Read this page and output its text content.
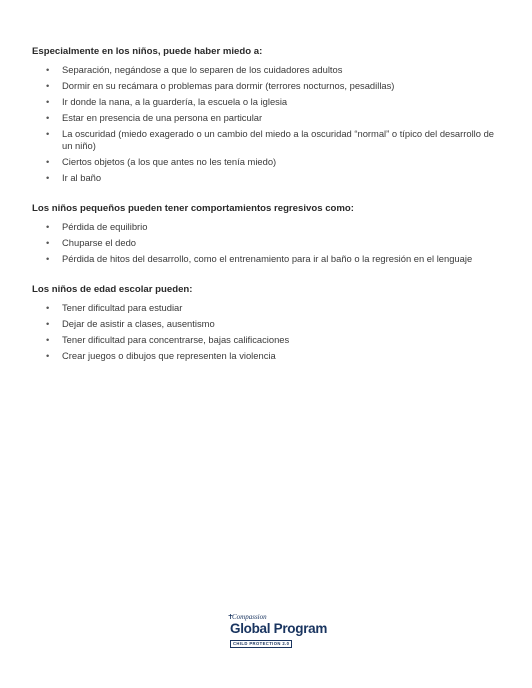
Especialmente en los niños, puede haber miedo a:

• Separación, negándose a que lo separen de los cuidadores adultos
• Dormir en su recámara o problemas para dormir (terrores nocturnos, pesadillas)
• Ir donde la nana, a la guardería, la escuela o la iglesia
• Estar en presencia de una persona en particular
• La oscuridad (miedo exagerado o un cambio del miedo a la oscuridad “normal” o típico del desarrollo de un niño)
• Ciertos objetos (a los que antes no les tenía miedo)
• Ir al baño

Los niños pequeños pueden tener comportamientos regresivos como:

• Pérdida de equilibrio
• Chuparse el dedo
• Pérdida de hitos del desarrollo, como el entrenamiento para ir al baño o la regresión en el lenguaje

Los niños de edad escolar pueden:

• Tener dificultad para estudiar
• Dejar de asistir a clases, ausentismo
• Tener dificultad para concentrarse, bajas calificaciones
• Crear juegos o dibujos que representen la violencia
Compassion
Global Program
CHILD PROTECTION 2.0
